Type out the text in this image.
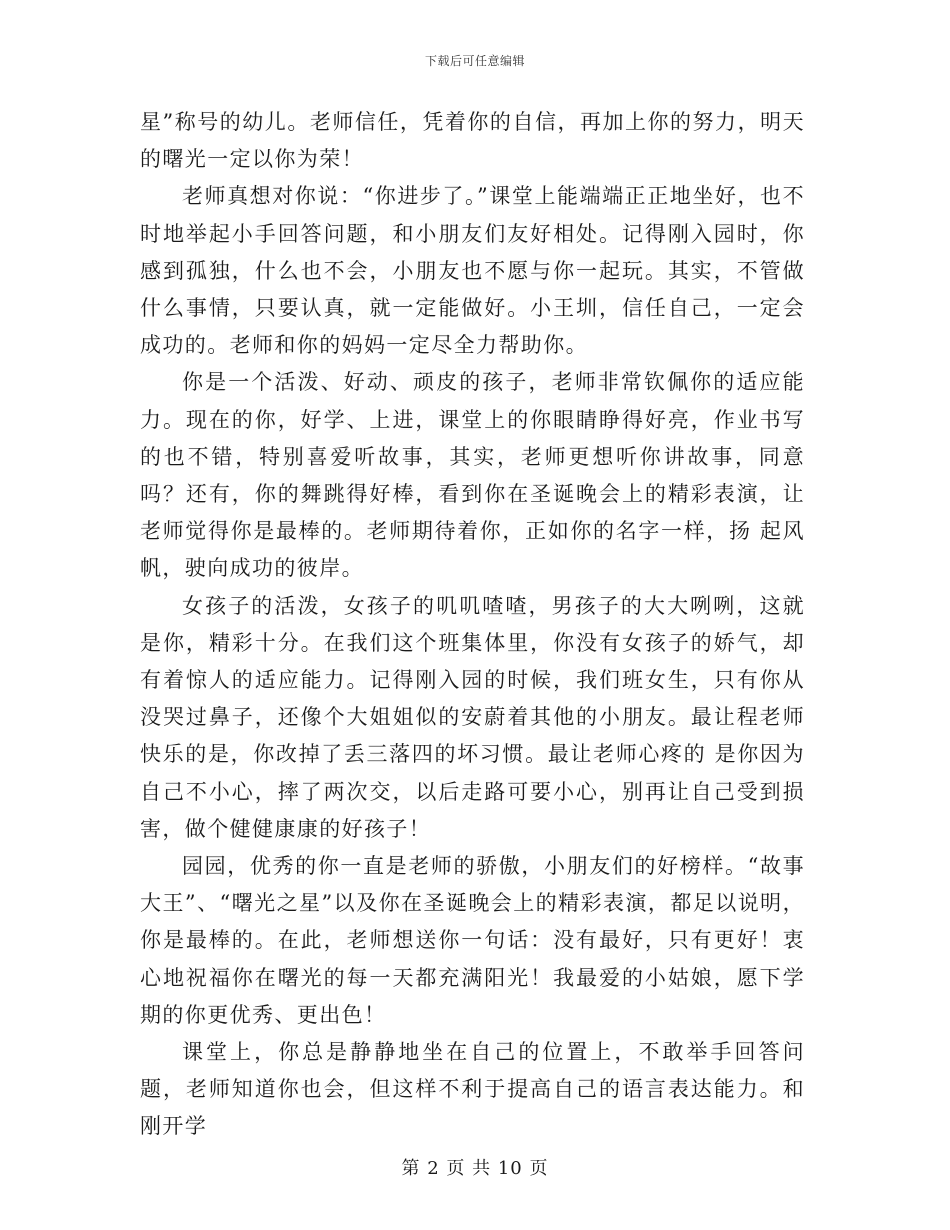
下载后可任意编辑

星”称号的幼儿。老师信任，凭着你的自信，再加上你的努力，明天的曙光一定以你为荣！

老师真想对你说：“你进步了。”课堂上能端端正正地坐好，也不时地举起小手回答问题，和小朋友们友好相处。记得刚入园时，你感到孤独，什么也不会，小朋友也不愿与你一起玩。其实，不管做什么事情，只要认真，就一定能做好。小王圳，信任自己，一定会成功的。老师和你的妈妈一定尽全力帮助你。

你是一个活泼、好动、顽皮的孩子，老师非常钦佩你的适应能力。现在的你，好学、上进，课堂上的你眼睛睁得好亮，作业书写的也不错，特别喜爱听故事，其实，老师更想听你讲故事，同意吗？还有，你的舞跳得好棒，看到你在圣诞晚会上的精彩表演，让老师觉得你是最棒的。老师期待着你，正如你的名字一样，扬 起风帆，驶向成功的彼岸。

女孩子的活泼，女孩子的叽叽喳喳，男孩子的大大咧咧，这就是你，精彩十分。在我们这个班集体里，你没有女孩子的娇气，却有着惊人的适应能力。记得刚入园的时候，我们班女生，只有你从没哭过鼻子，还像个大姐姐似的安蔚着其他的小朋友。最让程老师快乐的是，你改掉了丢三落四的坏习惯。最让老师心疼的 是你因为自己不小心，摔了两次交，以后走路可要小心，别再让自己受到损害，做个健健康康的好孩子！

园园，优秀的你一直是老师的骄傲，小朋友们的好榜样。“故事大王”、“曙光之星”以及你在圣诞晚会上的精彩表演，都足以说明，你是最棒的。在此，老师想送你一句话：没有最好，只有更好！衷心地祝福你在曙光的每一天都充满阳光！我最爱的小姑娘，愿下学期的你更优秀、更出色！

课堂上，你总是静静地坐在自己的位置上，不敢举手回答问题，老师知道你也会，但这样不利于提高自己的语言表达能力。和刚开学

第 2 页 共 10 页
